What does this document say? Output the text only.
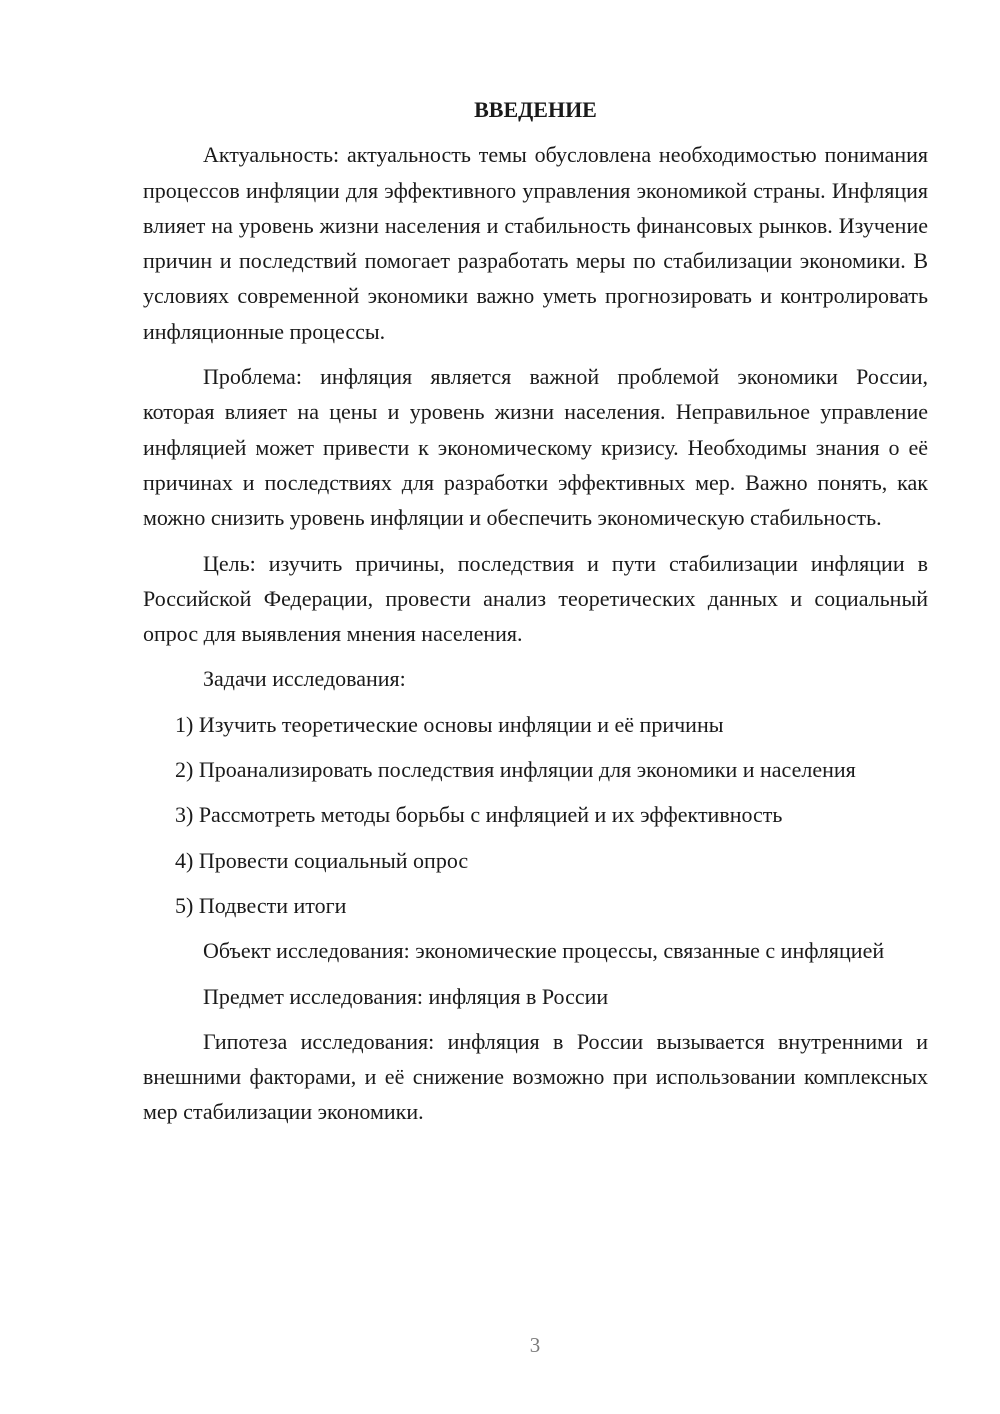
ВВЕДЕНИЕ

Актуальность: актуальность темы обусловлена необходимостью понимания процессов инфляции для эффективного управления экономикой страны. Инфляция влияет на уровень жизни населения и стабильность финансовых рынков. Изучение причин и последствий помогает разработать меры по стабилизации экономики. В условиях современной экономики важно уметь прогнозировать и контролировать инфляционные процессы.

Проблема: инфляция является важной проблемой экономики России, которая влияет на цены и уровень жизни населения. Неправильное управление инфляцией может привести к экономическому кризису. Необходимы знания о её причинах и последствиях для разработки эффективных мер. Важно понять, как можно снизить уровень инфляции и обеспечить экономическую стабильность.

Цель: изучить причины, последствия и пути стабилизации инфляции в Российской Федерации, провести анализ теоретических данных и социальный опрос для выявления мнения населения.

Задачи исследования:

1) Изучить теоретические основы инфляции и её причины

2) Проанализировать последствия инфляции для экономики и населения

3) Рассмотреть методы борьбы с инфляцией и их эффективность

4) Провести социальный опрос

5) Подвести итоги

Объект исследования: экономические процессы, связанные с инфляцией

Предмет исследования: инфляция в России

Гипотеза исследования: инфляция в России вызывается внутренними и внешними факторами, и её снижение возможно при использовании комплексных мер стабилизации экономики.

3
